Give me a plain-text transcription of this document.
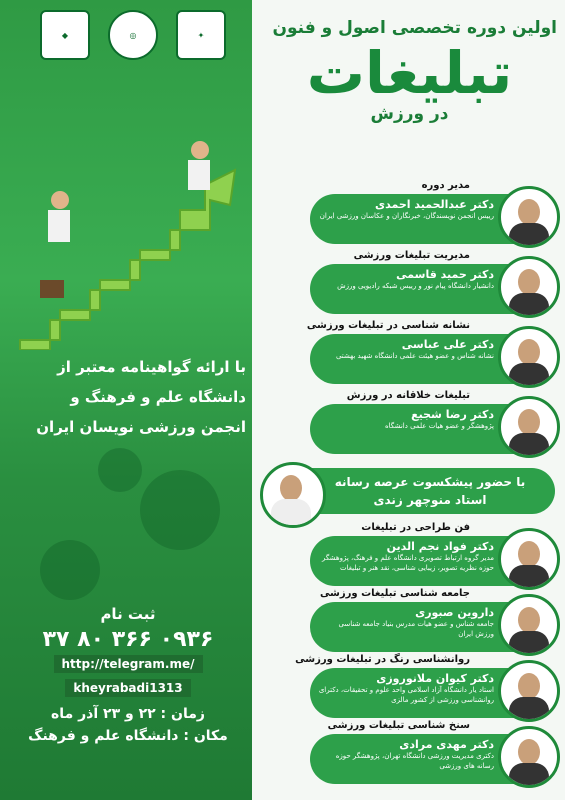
◆	◎	✦
با ارائه گواهینامه معتبر از
دانشگاه علم و فرهنگ و
انجمن ورزشی نویسان ایران
ثبت نام
۰۹۳۶ ۳۶۶ ۸۰ ۳۷
http://telegram.me/
kheyrabadi1313
زمان : ۲۲ و ۲۳ آذر ماه
مکان : دانشگاه علم و فرهنگ
اولین دوره تخصصی اصول و فنون
تبلیغات
در ورزش
مدیر دوره
دکتر عبدالحمید احمدی
رییس انجمن نویسندگان، خبرنگاران و عکاسان ورزشی ایران
مدیریت تبلیغات ورزشی
دکتر حمید قاسمی
دانشیار دانشگاه پیام نور و رییس شبکه رادیویی ورزش
نشانه شناسی در تبلیغات ورزشی
دکتر علی عباسی
نشانه شناس و عضو هیئت علمی دانشگاه شهید بهشتی
تبلیغات خلاقانه در ورزش
دکتر رضا شجیع
پژوهشگر و عضو هیات علمی دانشگاه
با حضور پیشکسوت عرصه رسانه
استاد منوچهر زندی
فن طراحی در تبلیغات
دکتر فواد نجم الدین
مدیر گروه ارتباط تصویری دانشگاه علم و فرهنگ، پژوهشگر حوزه نظریه تصویر، زیبایی شناسی، نقد هنر و تبلیغات
جامعه شناسی تبلیغات ورزشی
داروین صبوری
جامعه شناس و عضو هیات مدرس بنیاد جامعه شناسی ورزش ایران
روانشناسی رنگ در تبلیغات ورزشی
دکتر کیوان ملانوروزی
استاد یار دانشگاه آزاد اسلامی واحد علوم و تحقیقات، دکترای روانشناسی ورزشی از کشور مالزی
سنخ شناسی تبلیغات ورزشی
دکتر مهدی مرادی
دکتری مدیریت ورزشی دانشگاه تهران، پژوهشگر حوزه رسانه های ورزشی
